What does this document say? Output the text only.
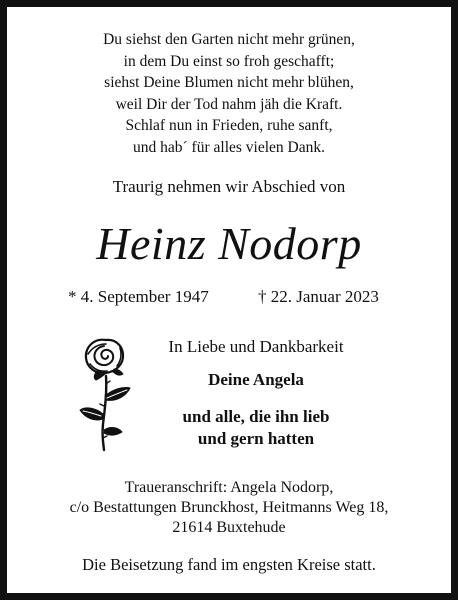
Du siehst den Garten nicht mehr grünen,
in dem Du einst so froh geschafft;
siehst Deine Blumen nicht mehr blühen,
weil Dir der Tod nahm jäh die Kraft.
Schlaf nun in Frieden, ruhe sanft,
und hab´ für alles vielen Dank.
Traurig nehmen wir Abschied von
Heinz Nodorp
* 4. September 1947	† 22. Januar 2023
In Liebe und Dankbarkeit
Deine Angela
und alle, die ihn lieb
und gern hatten
Traueranschrift: Angela Nodorp,
c/o Bestattungen Brunckhost, Heitmanns Weg 18,
21614 Buxtehude
Die Beisetzung fand im engsten Kreise statt.
